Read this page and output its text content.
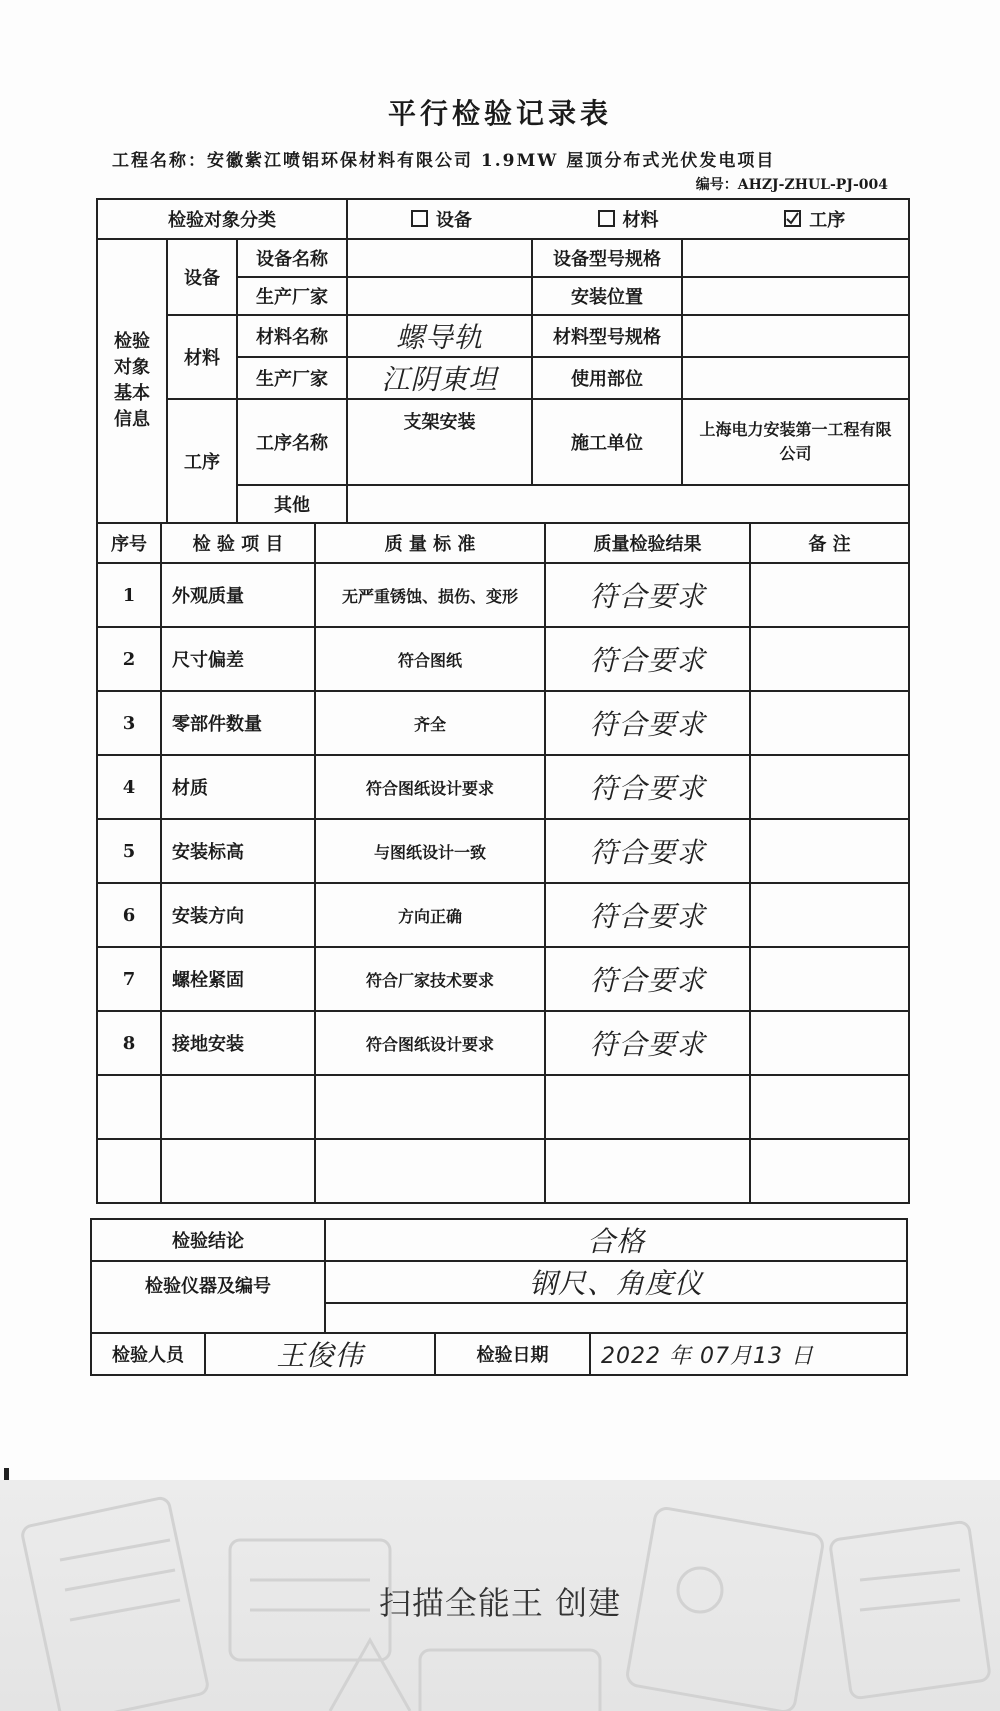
平行检验记录表
工程名称：安徽紫江喷铝环保材料有限公司 1.9MW 屋顶分布式光伏发电项目
编号：AHZJ-ZHUL-PJ-004
检验对象分类			设备 材料 工序		

检验对象基本信息	设备	设备名称		设备型号规格	
		生产厂家		安装位置	
	材料	材料名称	螺导轨	材料型号规格	
		生产厂家	江阴東坦	使用部位	
	工序	工序名称	支架安装	施工单位	上海电力安装第一工程有限公司
		其他			

序号	检 验 项 目	质 量 标 准	质量检验结果	备 注
1	外观质量	无严重锈蚀、损伤、变形	符合要求	
2	尺寸偏差	符合图纸	符合要求	
3	零部件数量	齐全	符合要求	
4	材质	符合图纸设计要求	符合要求	
5	安装标高	与图纸设计一致	符合要求	
6	安装方向	方向正确	符合要求	
7	螺栓紧固	符合厂家技术要求	符合要求	
8	接地安装	符合图纸设计要求	符合要求	

检验结论		合格		
检验仪器及编号		钢尺、角度仪		

检验人员	王俊伟		检验日期	2022 年 07月13 日
扫描全能王 创建
